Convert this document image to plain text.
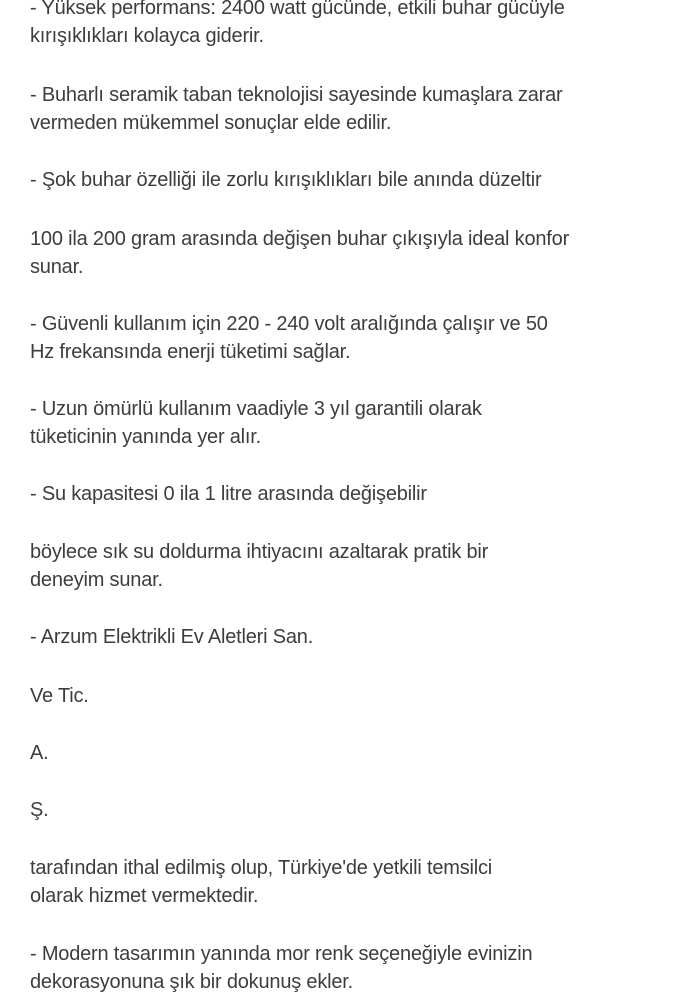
- Yüksek performans: 2400 watt gücünde, etkili buhar gücüyle
kırışıklıkları kolayca giderir.

- Buharlı seramik taban teknolojisi sayesinde kumaşlara zarar
vermeden mükemmel sonuçlar elde edilir.

- Şok buhar özelliği ile zorlu kırışıklıkları bile anında düzeltir

100 ila 200 gram arasında değişen buhar çıkışıyla ideal konfor
sunar.

- Güvenli kullanım için 220 - 240 volt aralığında çalışır ve 50
Hz frekansında enerji tüketimi sağlar.

- Uzun ömürlü kullanım vaadiyle 3 yıl garantili olarak
tüketicinin yanında yer alır.

- Su kapasitesi 0 ila 1 litre arasında değişebilir

böylece sık su doldurma ihtiyacını azaltarak pratik bir
deneyim sunar.

- Arzum Elektrikli Ev Aletleri San.

Ve Tic.

A.

Ş.

tarafından ithal edilmiş olup, Türkiye'de yetkili temsilci
olarak hizmet vermektedir.

- Modern tasarımın yanında mor renk seçeneğiyle evinizin
dekorasyonuna şık bir dokunuş ekler.
